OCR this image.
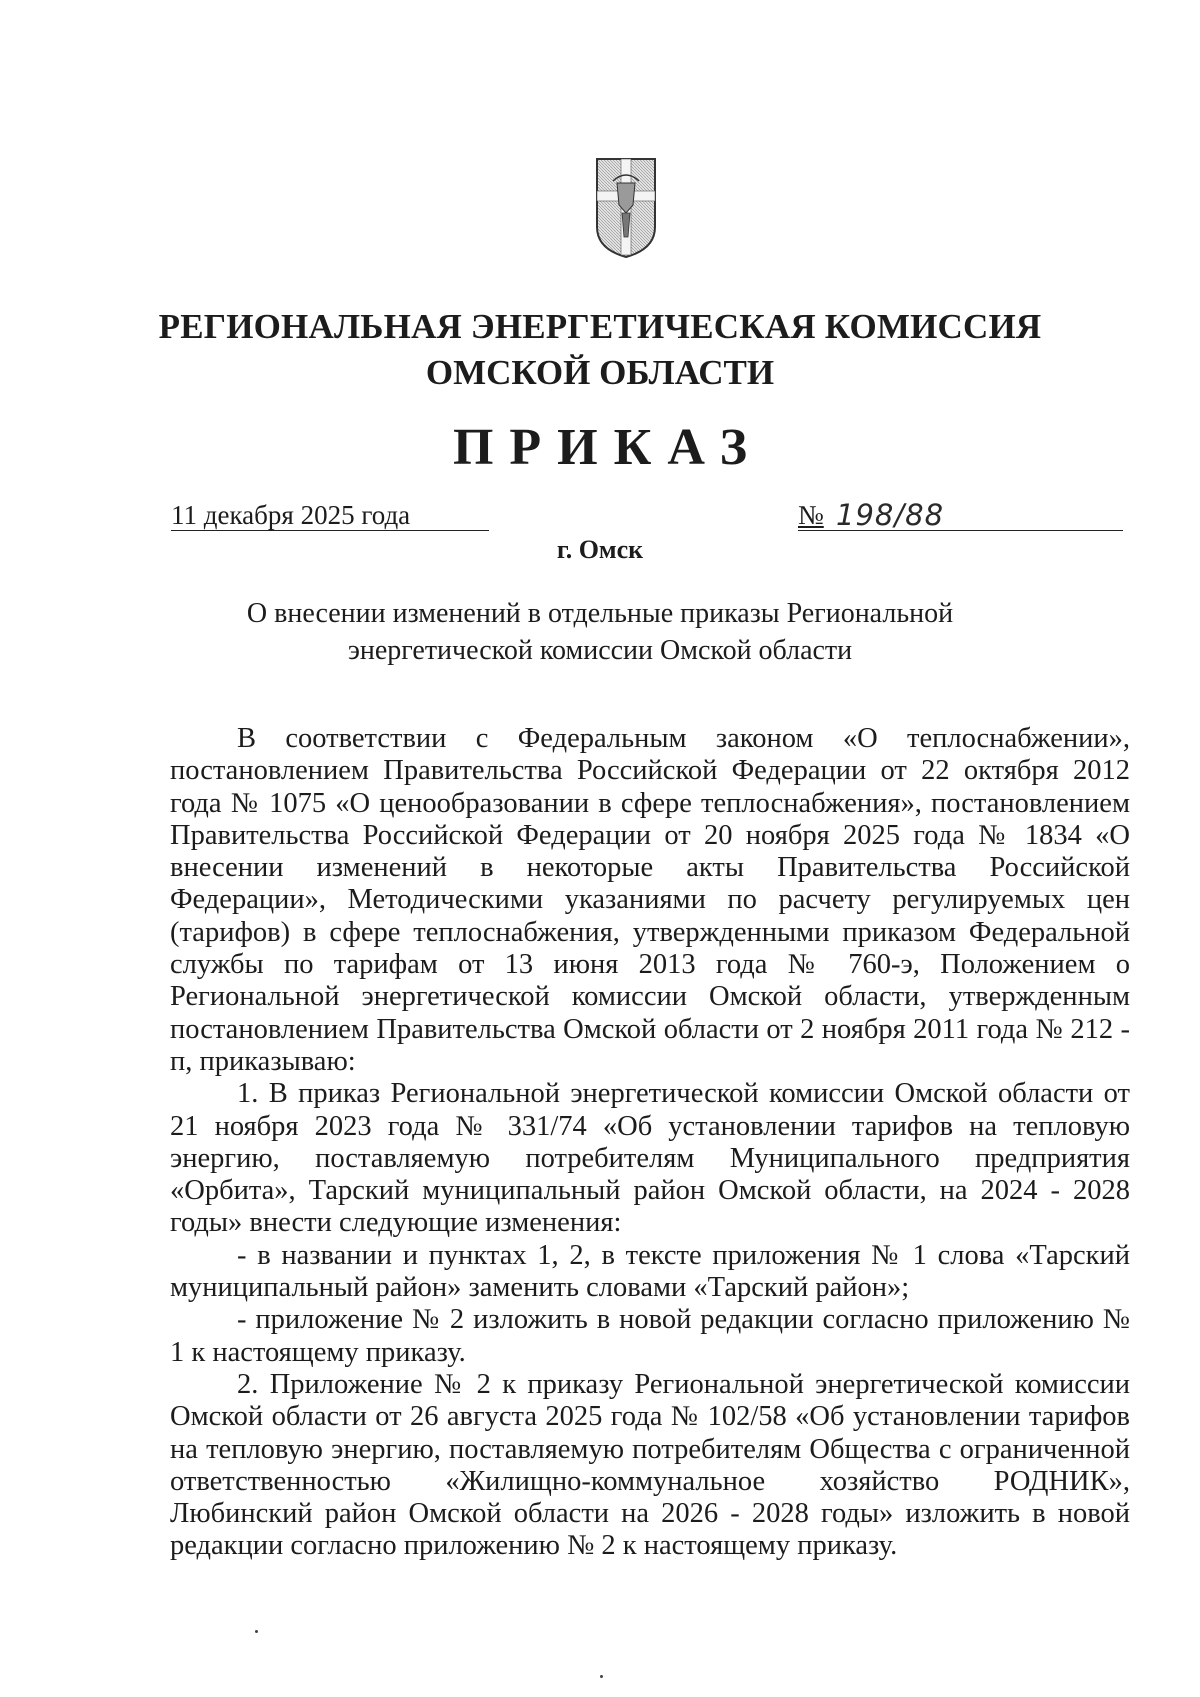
РЕГИОНАЛЬНАЯ ЭНЕРГЕТИЧЕСКАЯ КОМИССИЯ
ОМСКОЙ ОБЛАСТИ
ПРИКАЗ
11 декабря 2025 года	№ 198/88
г. Омск
О внесении изменений в отдельные приказы Региональной
энергетической комиссии Омской области

В соответствии с Федеральным законом «О теплоснабжении», постановлением Правительства Российской Федерации от 22 октября 2012 года № 1075 «О ценообразовании в сфере теплоснабжения», постановлением Правительства Российской Федерации от 20 ноября 2025 года № 1834 «О внесении изменений в некоторые акты Правительства Российской Федерации», Методическими указаниями по расчету регулируемых цен (тарифов) в сфере теплоснабжения, утвержденными приказом Федеральной службы по тарифам от 13 июня 2013 года № 760-э, Положением о Региональной энергетической комиссии Омской области, утвержденным постановлением Правительства Омской области от 2 ноября 2011 года № 212 - п, приказываю:

1. В приказ Региональной энергетической комиссии Омской области от 21 ноября 2023 года № 331/74 «Об установлении тарифов на тепловую энергию, поставляемую потребителям Муниципального предприятия «Орбита», Тарский муниципальный район Омской области, на 2024 - 2028 годы» внести следующие изменения:

- в названии и пунктах 1, 2, в тексте приложения № 1 слова «Тарский муниципальный район» заменить словами «Тарский район»;

- приложение № 2 изложить в новой редакции согласно приложению № 1 к настоящему приказу.

2. Приложение № 2 к приказу Региональной энергетической комиссии Омской области от 26 августа 2025 года № 102/58 «Об установлении тарифов на тепловую энергию, поставляемую потребителям Общества с ограниченной ответственностью «Жилищно-коммунальное хозяйство РОДНИК», Любинский район Омской области на 2026 - 2028 годы» изложить в новой редакции согласно приложению № 2 к настоящему приказу.
